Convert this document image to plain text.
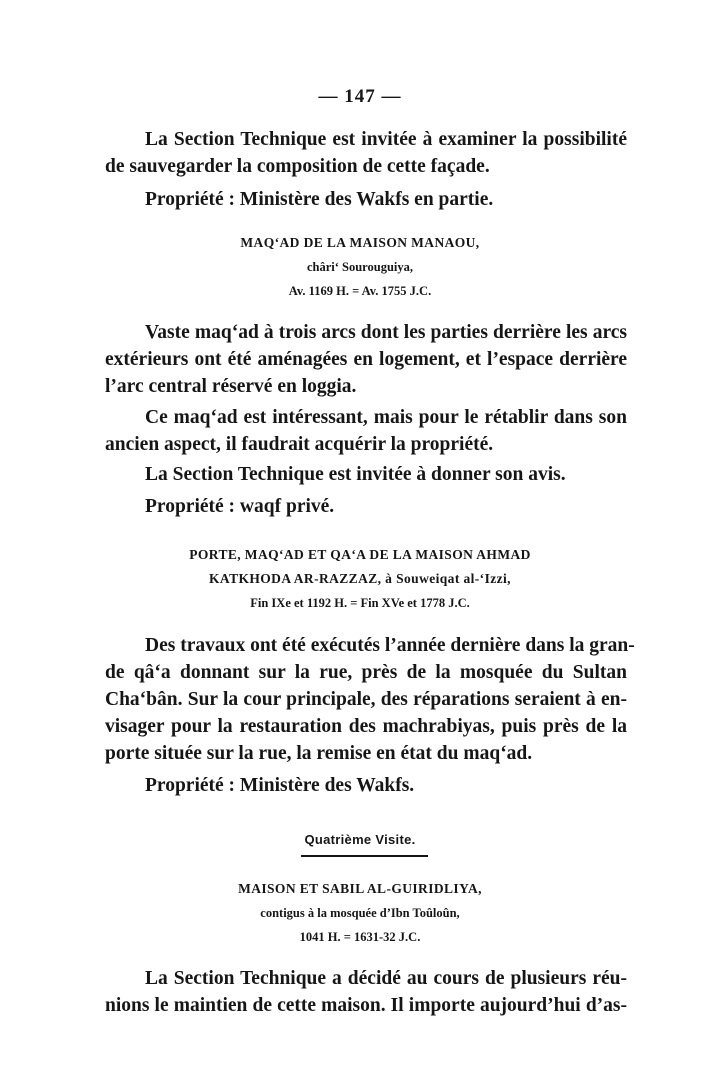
— 147 —
La Section Technique est invitée à examiner la possibilité
de sauvegarder la composition de cette façade.
Propriété : Ministère des Wakfs en partie.
MAQ‘AD DE LA MAISON MANAOU,
châri‘ Sourouguiya,
Av. 1169 H. = Av. 1755 J.C.
Vaste maq‘ad à trois arcs dont les parties derrière les arcs
extérieurs ont été aménagées en logement, et l’espace derrière
l’arc central réservé en loggia.
Ce maq‘ad est intéressant, mais pour le rétablir dans son
ancien aspect, il faudrait acquérir la propriété.
La Section Technique est invitée à donner son avis.
Propriété : waqf privé.
PORTE, MAQ‘AD ET QA‘A DE LA MAISON AHMAD
KATKHODA AR-RAZZAZ, à Souweiqat al-‘Izzi,
Fin IXe et 1192 H. = Fin XVe et 1778 J.C.
Des travaux ont été exécutés l’année dernière dans la gran-
de qâ‘a donnant sur la rue, près de la mosquée du Sultan
Cha‘bân. Sur la cour principale, des réparations seraient à en-
visager pour la restauration des machrabiyas, puis près de la
porte située sur la rue, la remise en état du maq‘ad.
Propriété : Ministère des Wakfs.
Quatrième Visite.
MAISON ET SABIL AL-GUIRIDLIYA,
contigus à la mosquée d’Ibn Toûloûn,
1041 H. = 1631-32 J.C.
La Section Technique a décidé au cours de plusieurs réu-
nions le maintien de cette maison. Il importe aujourd’hui d’as-
